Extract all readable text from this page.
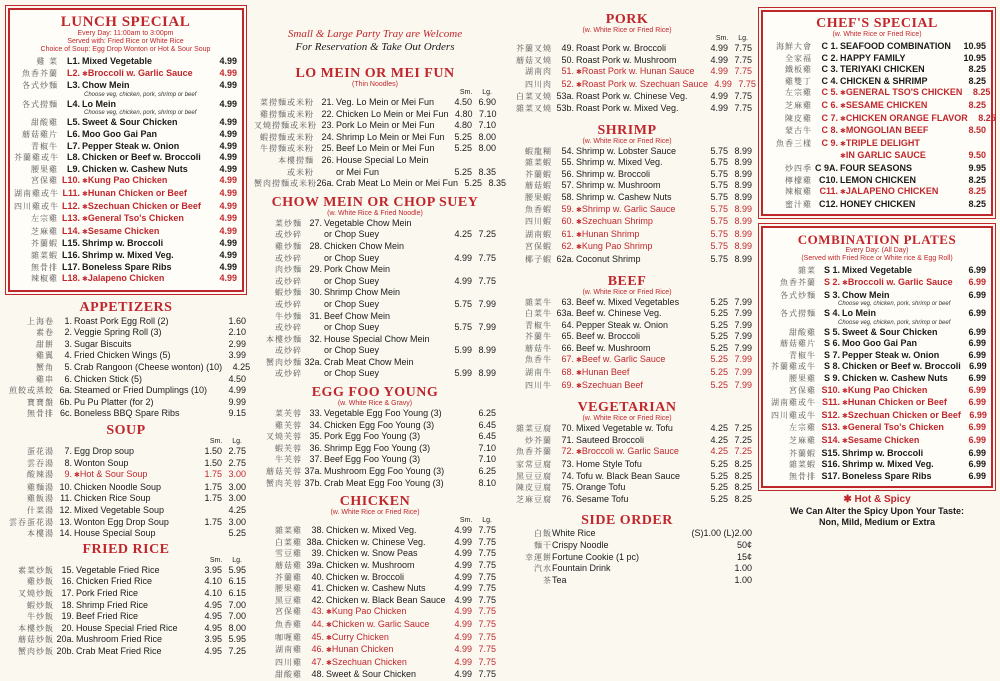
LUNCH SPECIAL
Every Day: 11:00am to 3:00pm
Served with: Fried Rice or White Rice
Choice of Soup: Egg Drop Wonton or Hot & Sour Soup
雞 菜 L1. Mixed Vegetable	4.99
魚香芥蘭 L2. ✱ Broccoli w. Garlic Sauce	4.99
各式炒麵 L3. Chow Mein	4.99
Choose veg, chicken, pork, shrimp or beef
各式撈麵 L4. Lo Mein	4.99
Choose veg, chicken, pork, shrimp or beef
甜酸雞 L5. Sweet & Sour Chicken	4.99
蘑菇雞片 L6. Moo Goo Gai Pan	4.99
青椒牛 L7. Pepper Steak w. Onion	4.99
芥蘭雞或牛 L8. Chicken or Beef w. Broccoli	4.99
腰果雞 L9. Chicken w. Cashew Nuts	4.99
宮保雞 L10. ✱ Kung Pao Chicken	4.99
湖南雞或牛 L11. ✱ Hunan Chicken or Beef	4.99
四川雞或牛 L12. ✱ Szechuan Chicken or Beef	4.99
左宗雞 L13. ✱ General Tso's Chicken	4.99
芝麻雞 L14. ✱ Sesame Chicken	4.99
芥蘭蝦 L15. Shrimp w. Broccoli	4.99
雜菜蝦 L16. Shrimp w. Mixed Veg.	4.99
無骨排 L17. Boneless Spare Ribs	4.99
辣椒雞 L18. ✱ Jalapeno Chicken	4.99
APPETIZERS
上海卷	1. Roast Pork Egg Roll (2)	1.60
素卷	2. Veggie Spring Roll (3)	2.10
甜餅	3. Sugar Biscuits	2.99
雞翼	4. Fried Chicken Wings (5)	3.99
蟹角	5. Crab Rangoon (Cheese wonton) (10)	4.25
雞串	6. Chicken Stick (5)	4.50
煎餃或蒸餃 6a. Steamed or Fried Dumplings (10)	4.99
寶寶盤 6b. Pu Pu Platter (for 2)	9.99
無骨排 6c. Boneless BBQ Spare Ribs	9.15
SOUP
Sm. Lg.
蛋花湯	7. Egg Drop soup	1.50 2.75
雲吞湯	8. Wonton Soup	1.50 2.75
酸辣湯	9. ✱ Hot & Sour Soup	1.75 3.00
雞麵湯 10. Chicken Noodle Soup	1.75 3.00
雞飯湯 11. Chicken Rice Soup	1.75 3.00
什菜湯 12. Mixed Vegetable Soup	4.25
雲吞蛋花湯 13. Wonton Egg Drop Soup	1.75 3.00
本樓湯 14. House Special Soup	5.25
FRIED RICE
Sm. Lg.
素菜炒飯 15. Vegetable Fried Rice	3.95 5.95
雞炒飯 16. Chicken Fried Rice	4.10 6.15
叉燒炒飯 17. Pork Fried Rice	4.10 6.15
蝦炒飯 18. Shrimp Fried Rice	4.95 7.00
牛炒飯 19. Beef Fried Rice	4.95 7.00
本樓炒飯 20. House Special Fried Rice	4.95 8.00
蘑菇炒飯 20a. Mushroom Fried Rice	3.95 5.95
蟹肉炒飯 20b. Crab Meat Fried Rice	4.95 7.25
Small & Large Party Tray are Welcome
For Reservation & Take Out Orders
LO MEIN OR MEI FUN
(Thin Noodles)
Sm. Lg.
菜撈麵或米粉 21. Veg. Lo Mein or Mei Fun	4.50 6.90
雞撈麵或米粉 22. Chicken Lo Mein or Mei Fun 4.80 7.10
叉燒撈麵或米粉 23. Pork Lo Mein or Mei Fun	4.80 7.10
蝦撈麵或米粉 24. Shrimp Lo Mein or Mei Fun	5.25 8.00
牛撈麵或米粉 25. Beef Lo Mein or Mei Fun	5.25 8.00
本樓撈麵 26. House Special Lo Mein
或米粉 or Mei Fun	5.25 8.35
蟹肉撈麵或米粉 26a. Crab Meat Lo Mein or Mei Fun 5.25 8.35
CHOW MEIN OR CHOP SUEY
(w. White Rice & Fried Noodle)
菜炒麵 27. Vegetable Chow Mein
或炒碎 or Chop Suey	4.25 7.25
雞炒麵 28. Chicken Chow Mein
或炒碎 or Chop Suey	4.99 7.75
肉炒麵 29. Pork Chow Mein
或炒碎 or Chop Suey	4.99 7.75
蝦炒麵 30. Shrimp Chow Mein
或炒碎 or Chop Suey	5.75 7.99
牛炒麵 31. Beef Chow Mein
或炒碎 or Chop Suey	5.75 7.99
本樓炒麵 32. House Special Chow Mein
或炒碎 or Chop Suey	5.99 8.99
蟹肉炒麵 32a. Crab Meat Chow Mein
或炒碎 or Chop Suey	5.99 8.99
EGG FOO YOUNG
(w. White Rice & Gravy)
菜芙蓉 33. Vegetable Egg Foo Young (3)	6.25
雞芙蓉 34. Chicken Egg Foo Young (3)	6.45
叉燒芙蓉 35. Pork Egg Foo Young (3)	6.45
蝦芙蓉 36. Shrimp Egg Foo Young (3)	7.10
牛芙蓉 37. Beef Egg Foo Young (3)	7.10
蘑菇芙蓉 37a. Mushroom Egg Foo Young (3)	6.25
蟹肉芙蓉 37b. Crab Meat Egg Foo Young (3)	8.10
CHICKEN
(w. White Rice or Fried Rice)
Sm. Lg.
雜菜雞	38. Chicken w. Mixed Veg.	4.99 7.75
白菜雞 38a. Chicken w. Chinese Veg.	4.99 7.75
雪豆雞	39. Chicken w. Snow Peas	4.99 7.75
蘑菇雞 39a. Chicken w. Mushroom	4.99 7.75
芥蘭雞	40. Chicken w. Broccoli	4.99 7.75
腰果雞	41. Chicken w. Cashew Nuts	4.99 7.75
黑豆雞	42. Chicken w. Black Bean Sauce 4.99 7.75
宮保雞	43. ✱ Kung Pao Chicken	4.99 7.75
魚香雞	44. ✱ Chicken w. Garlic Sauce	4.99 7.75
咖喱雞	45. ✱ Curry Chicken	4.99 7.75
湖南雞	46. ✱ Hunan Chicken	4.99 7.75
四川雞	47. ✱ Szechuan Chicken	4.99 7.75
甜酸雞	48. Sweet & Sour Chicken	4.99 7.75
PORK
(w. White Rice or Fried Rice)
Sm. Lg.
芥蘭叉燒	49. Roast Pork w. Broccoli	4.99 7.75
蘑菇叉燒	50. Roast Pork w. Mushroom	4.99 7.75
湖南肉	51. ✱ Roast Pork w. Hunan Sauce	4.99 7.75
四川肉	52. ✱ Roast Pork w. Szechuan Sauce 4.99 7.75
白菜叉燒 53a. Roast Pork w. Chinese Veg.	4.99 7.75
雜菜叉燒 53b. Roast Pork w. Mixed Veg.	4.99 7.75
SHRIMP
(w. White Rice or Fried Rice)
蝦龍糊	54. Shrimp w. Lobster Sauce	5.75 8.99
雜菜蝦	55. Shrimp w. Mixed Veg.	5.75 8.99
芥蘭蝦	56. Shrimp w. Broccoli	5.75 8.99
蘑菇蝦	57. Shrimp w. Mushroom	5.75 8.99
腰果蝦	58. Shrimp w. Cashew Nuts	5.75 8.99
魚香蝦	59. ✱ Shrimp w. Garlic Sauce	5.75 8.99
四川蝦	60. ✱ Szechuan Shrimp	5.75 8.99
湖南蝦	61. ✱ Hunan Shrimp	5.75 8.99
宮保蝦	62. ✱ Kung Pao Shrimp	5.75 8.99
椰子蝦 62a. Coconut Shrimp	5.75 8.99
BEEF
(w. White Rice or Fried Rice)
雜菜牛	63. Beef w. Mixed Vegetables	5.25 7.99
白菜牛 63a. Beef w. Chinese Veg.	5.25 7.99
青椒牛	64. Pepper Steak w. Onion	5.25 7.99
芥蘭牛	65. Beef w. Broccoli	5.25 7.99
蘑菇牛	66. Beef w. Mushroom	5.25 7.99
魚香牛	67. ✱ Beef w. Garlic Sauce	5.25 7.99
湖南牛	68. ✱ Hunan Beef	5.25 7.99
四川牛	69. ✱ Szechuan Beef	5.25 7.99
VEGETARIAN
(w. White Rice or Fried Rice)
雜菜豆腐	70. Mixed Vegetable w. Tofu	4.25 7.25
炒芥蘭	71. Sauteed Broccoli	4.25 7.25
魚香芥蘭	72. ✱ Broccoli w. Garlic Sauce	4.25 7.25
家常豆腐	73. Home Style Tofu	5.25 8.25
黑豆豆腐	74. Tofu w. Black Bean Sauce	5.25 8.25
陳皮豆腐	75. Orange Tofu	5.25 8.25
芝麻豆腐	76. Sesame Tofu	5.25 8.25
SIDE ORDER
白飯 White Rice	(S)1.00 (L)2.00
麵干 Crispy Noodle	50¢
幸運餅 Fortune Cookie (1 pc)	15¢
汽水 Fountain Drink	1.00
茶 Tea	1.00
CHEF'S SPECIAL
(w. White Rice or Fried Rice)
海鮮大會	C 1. SEAFOOD COMBINATION	10.95
全家福	C 2. HAPPY FAMILY	10.95
鐵板雞	C 3. TERIYAKI CHICKEN	8.25
雞雙丁	C 4. CHICKEN & SHRIMP	8.25
左宗雞	C 5. ✱ GENERAL TSO'S CHICKEN	8.25
芝麻雞	C 6. ✱ SESAME CHICKEN	8.25
陳皮雞	C 7. ✱ CHICKEN ORANGE FLAVOR	8.25
蒙古牛	C 8. ✱ MONGOLIAN BEEF	8.50
魚香三樣	C 9. ✱ TRIPLE DELIGHT
✱ IN GARLIC SAUCE	9.50
炒四季 C 9A. FOUR SEASONS	9.95
檸檬雞 C10. LEMON CHICKEN	8.25
辣椒雞 C11. ✱ JALAPENO CHICKEN	8.25
蜜汁雞 C12. HONEY CHICKEN	8.25
COMBINATION PLATES
Every Day: (All Day)
(Served with Fried Rice or White rice & Egg Roll)
雜菜 S 1. Mixed Vegetable	6.99
魚香芥蘭 S 2. ✱ Broccoli w. Garlic Sauce	6.99
各式炒麵 S 3. Chow Mein	6.99
Choose veg, chicken, pork, shrimp or beef
各式撈麵 S 4. Lo Mein	6.99
Choose veg, chicken, pork, shrimp or beef
甜酸雞 S 5. Sweet & Sour Chicken	6.99
蘑菇雞片 S 6. Moo Goo Gai Pan	6.99
青椒牛 S 7. Pepper Steak w. Onion	6.99
芥蘭雞或牛 S 8. Chicken or Beef w. Broccoli 6.99
腰果雞 S 9. Chicken w. Cashew Nuts	6.99
宮保雞 S10. ✱ Kung Pao Chicken	6.99
湖南雞或牛 S11. ✱ Hunan Chicken or Beef	6.99
四川雞或牛 S12. ✱ Szechuan Chicken or Beef 6.99
左宗雞 S13. ✱ General Tso's Chicken	6.99
芝麻雞 S14. ✱ Sesame Chicken	6.99
芥蘭蝦 S15. Shrimp w. Broccoli	6.99
雜菜蝦 S16. Shrimp w. Mixed Veg.	6.99
無骨排 S17. Boneless Spare Ribs	6.99
✱ Hot & Spicy
We Can Alter the Spicy Upon Your Taste:
Non, Mild, Medium or Extra
